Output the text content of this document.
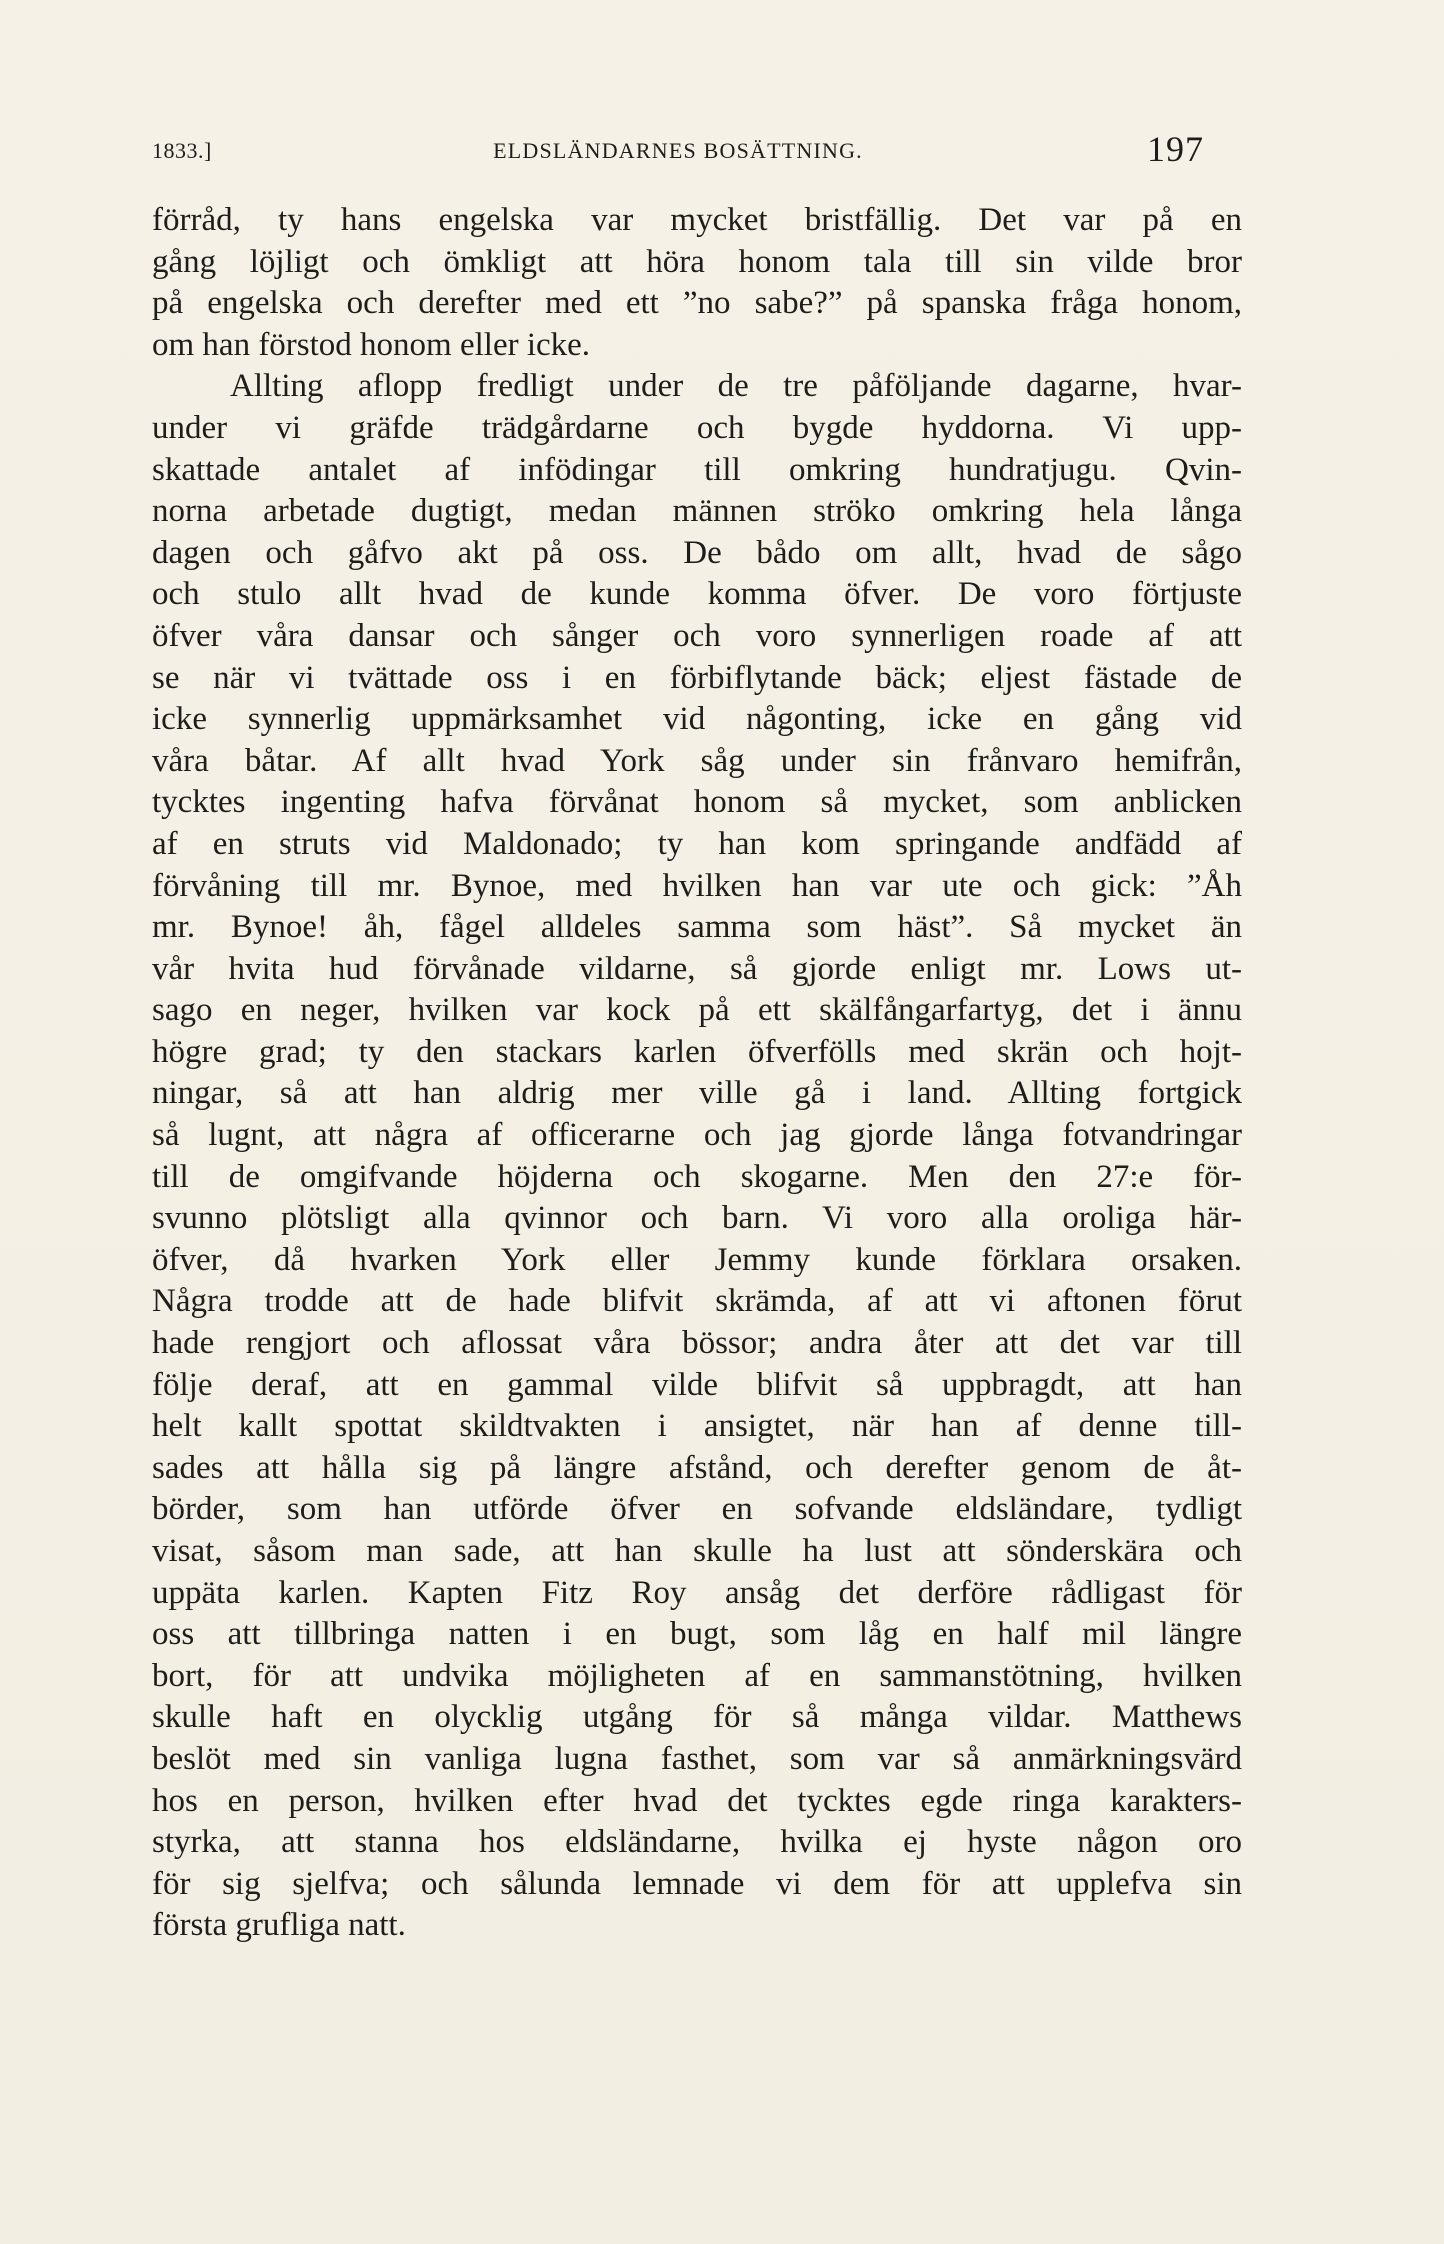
1833.]	ELDSLÄNDARNES BOSÄTTNING.	197
förråd, ty hans engelska var mycket bristfällig. Det var på en
gång löjligt och ömkligt att höra honom tala till sin vilde bror
på engelska och derefter med ett ”no sabe?” på spanska fråga honom,
om han förstod honom eller icke.
Allting aflopp fredligt under de tre påföljande dagarne, hvar-
under vi gräfde trädgårdarne och bygde hyddorna. Vi upp-
skattade antalet af infödingar till omkring hundratjugu. Qvin-
norna arbetade dugtigt, medan männen ströko omkring hela långa
dagen och gåfvo akt på oss. De bådo om allt, hvad de sågo
och stulo allt hvad de kunde komma öfver. De voro förtjuste
öfver våra dansar och sånger och voro synnerligen roade af att
se när vi tvättade oss i en förbiflytande bäck; eljest fästade de
icke synnerlig uppmärksamhet vid någonting, icke en gång vid
våra båtar. Af allt hvad York såg under sin frånvaro hemifrån,
tycktes ingenting hafva förvånat honom så mycket, som anblicken
af en struts vid Maldonado; ty han kom springande andfädd af
förvåning till mr. Bynoe, med hvilken han var ute och gick: ”Åh
mr. Bynoe! åh, fågel alldeles samma som häst”. Så mycket än
vår hvita hud förvånade vildarne, så gjorde enligt mr. Lows ut-
sago en neger, hvilken var kock på ett skälfångarfartyg, det i ännu
högre grad; ty den stackars karlen öfverfölls med skrän och hojt-
ningar, så att han aldrig mer ville gå i land. Allting fortgick
så lugnt, att några af officerarne och jag gjorde långa fotvandringar
till de omgifvande höjderna och skogarne. Men den 27:e för-
svunno plötsligt alla qvinnor och barn. Vi voro alla oroliga här-
öfver, då hvarken York eller Jemmy kunde förklara orsaken.
Några trodde att de hade blifvit skrämda, af att vi aftonen förut
hade rengjort och aflossat våra bössor; andra åter att det var till
följe deraf, att en gammal vilde blifvit så uppbragdt, att han
helt kallt spottat skildtvakten i ansigtet, när han af denne till-
sades att hålla sig på längre afstånd, och derefter genom de åt-
börder, som han utförde öfver en sofvande eldsländare, tydligt
visat, såsom man sade, att han skulle ha lust att sönderskära och
uppäta karlen. Kapten Fitz Roy ansåg det derföre rådligast för
oss att tillbringa natten i en bugt, som låg en half mil längre
bort, för att undvika möjligheten af en sammanstötning, hvilken
skulle haft en olycklig utgång för så många vildar. Matthews
beslöt med sin vanliga lugna fasthet, som var så anmärkningsvärd
hos en person, hvilken efter hvad det tycktes egde ringa karakters-
styrka, att stanna hos eldsländarne, hvilka ej hyste någon oro
för sig sjelfva; och sålunda lemnade vi dem för att upplefva sin
första grufliga natt.
